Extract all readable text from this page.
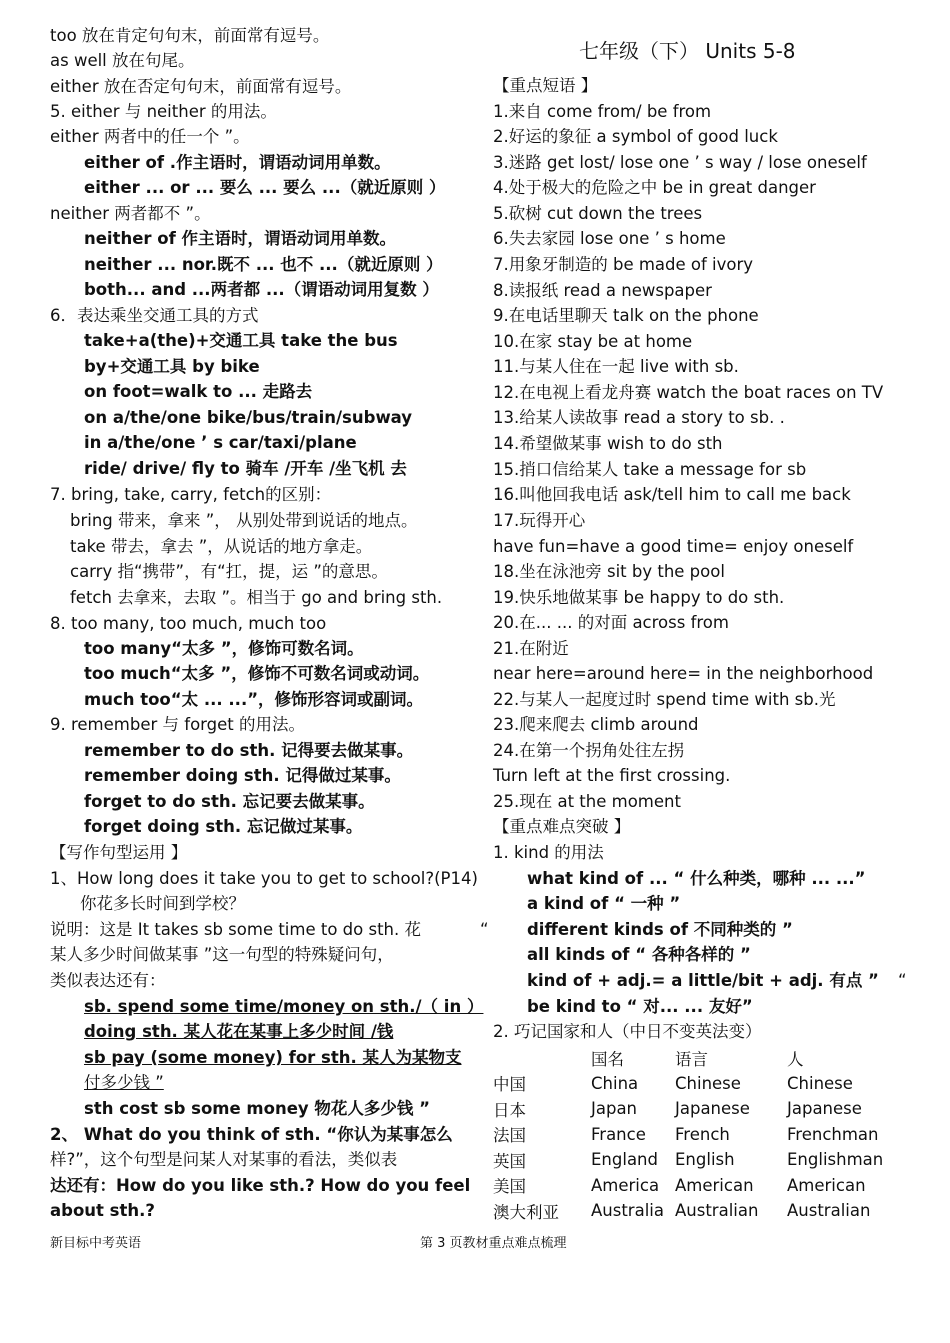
too 放在肯定句句末，前面常有逗号。
as well 放在句尾。
either 放在否定句句末，前面常有逗号。
5. either 与 neither 的用法。
either 两者中的任一个 ”。
either of .作主语时，谓语动词用单数。
either ... or ... 要么 ... 要么 ...（就近原则 ）
neither 两者都不 ”。
neither of 作主语时，谓语动词用单数。
neither ... nor.既不 ... 也不 ...（就近原则 ）
both... and ...两者都 ...（谓语动词用复数 ）
6．表达乘坐交通工具的方式
take+a(the)+交通工具 take the bus
by+交通工具 by bike
on foot=walk to ... 走路去
on a/the/one bike/bus/train/subway
in a/the/one ’ s car/taxi/plane
ride/ drive/ fly to 骑车 /开车 /坐飞机 去
7. bring, take, carry, fetch的区别：
bring 带来，拿来 ”， 从别处带到说话的地点。
take 带去，拿去 ”，从说话的地方拿走。
carry 指“携带”，有“扛，提，运 ”的意思。
fetch 去拿来，去取 ”。相当于 go and bring sth.
8. too many, too much, much too
too many“太多 ”，修饰可数名词。
too much“太多 ”，修饰不可数名词或动词。
much too“太 ... ...”，修饰形容词或副词。
9. remember 与 forget 的用法。
remember to do sth. 记得要去做某事。
remember doing sth. 记得做过某事。
forget to do sth. 忘记要去做某事。
forget doing sth. 忘记做过某事。
【写作句型运用 】
1、How long does it take you to get to school?(P14)
你花多长时间到学校？
说明：这是 It takes sb some time to do sth. 花
某人多少时间做某事 ”这一句型的特殊疑问句，
类似表达还有：
sb. spend some time/money on sth./（ in ）
doing sth. 某人花在某事上多少时间 /钱
sb pay (some money) for sth. 某人为某物支
付多少钱 ”
sth cost sb some money 物花人多少钱 ”
2、 What do you think of sth. “你认为某事怎么
样?”，这个句型是问某人对某事的看法，类似表
达还有：How do you like sth.? How do you feel
about sth.?
七年级（下） Units 5-8
【重点短语 】
1.来自 come from/ be from
2.好运的象征 a symbol of good luck
3.迷路 get lost/ lose one ’ s way / lose oneself
4.处于极大的危险之中 be in great danger
5.砍树 cut down the trees
6.失去家园 lose one ’ s home
7.用象牙制造的 be made of ivory
8.读报纸 read a newspaper
9.在电话里聊天 talk on the phone
10.在家 stay be at home
11.与某人住在一起 live with sb.
12.在电视上看龙舟赛 watch the boat races on TV
13.给某人读故事 read a story to sb. .
14.希望做某事 wish to do sth
15.捎口信给某人 take a message for sb
16.叫他回我电话 ask/tell him to call me back
17.玩得开心
have fun=have a good time= enjoy oneself
18.坐在泳池旁 sit by the pool
19.快乐地做某事 be happy to do sth.
20.在... ... 的对面 across from
21.在附近
near here=around here= in the neighborhood
22.与某人一起度过时 spend time with sb.光
23.爬来爬去 climb around
24.在第一个拐角处往左拐
Turn left at the first crossing.
25.现在 at the moment
【重点难点突破 】
1. kind 的用法
what kind of ... “ 什么种类，哪种 ... ...”
a kind of “ 一种 ”
different kinds of 不同种类的 ”
all kinds of “ 各种各样的 ”
kind of + adj.= a little/bit + adj. 有点 ”
be kind to “ 对... ... 友好”
2. 巧记国家和人（中日不变英法变）
“
“
	国名	语言	人
中国	China	Chinese	Chinese
日本	Japan	Japanese	Japanese
法国	France	French	Frenchman
英国	England	English	Englishman
美国	America	American	American
澳大利亚	Australia	Australian	Australian
新目标中考英语	第 3 页教材重点难点梳理
